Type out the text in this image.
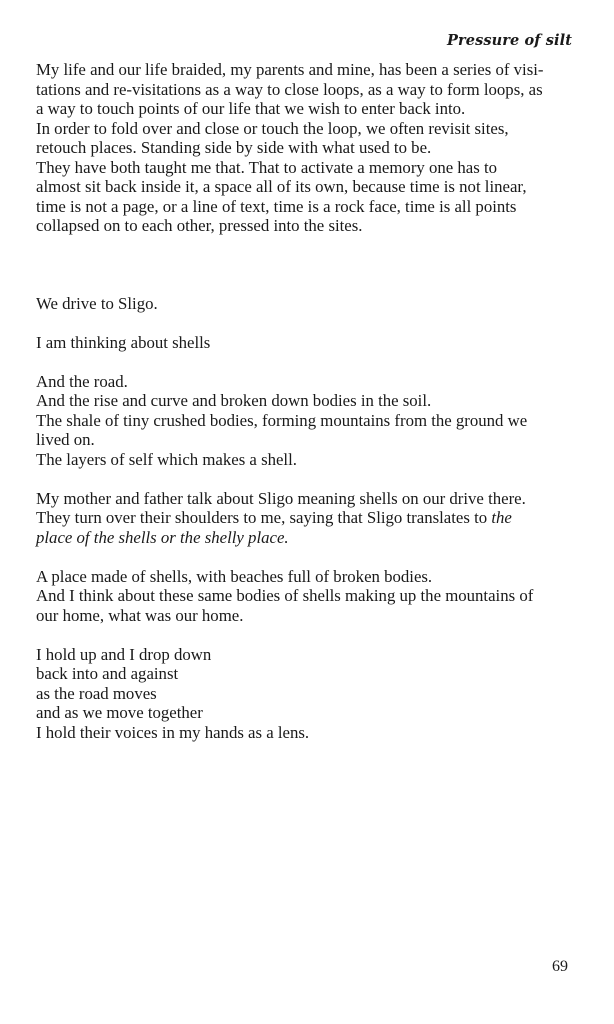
Pressure of silt

My life and our life braided, my parents and mine, has been a series of visi-

tations and re-visitations as a way to close loops, as a way to form loops, as

a way to touch points of our life that we wish to enter back into.

In order to fold over and close or touch the loop, we often revisit sites,

retouch places. Standing side by side with what used to be.

They have both taught me that. That to activate a memory one has to

almost sit back inside it, a space all of its own, because time is not linear,

time is not a page, or a line of text, time is a rock face, time is all points

collapsed on to each other, pressed into the sites.

We drive to Sligo.

I am thinking about shells

And the road.

And the rise and curve and broken down bodies in the soil.

The shale of tiny crushed bodies, forming mountains from the ground we

lived on.

The layers of self which makes a shell.

My mother and father talk about Sligo meaning shells on our drive there.

They turn over their shoulders to me, saying that Sligo translates to the

place of the shells or the shelly place.

A place made of shells, with beaches full of broken bodies.

And I think about these same bodies of shells making up the mountains of

our home, what was our home.

I hold up and I drop down

back into and against

as the road moves

and as we move together

I hold their voices in my hands as a lens.

69
